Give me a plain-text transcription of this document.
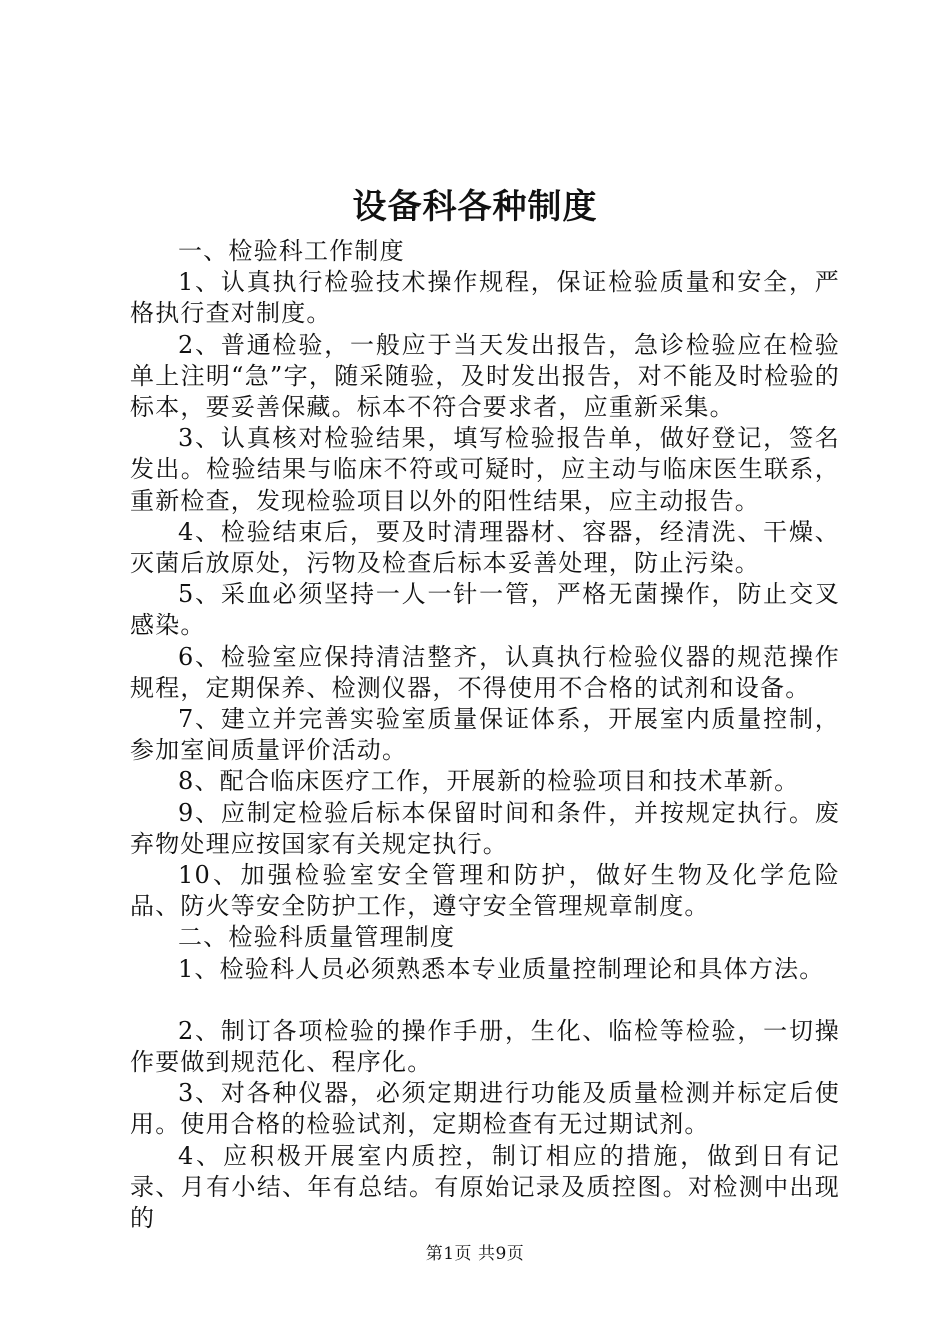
设备科各种制度

一、检验科工作制度

1、认真执行检验技术操作规程，保证检验质量和安全，严格执行查对制度。

2、普通检验，一般应于当天发出报告，急诊检验应在检验单上注明“急”字，随采随验，及时发出报告，对不能及时检验的标本，要妥善保藏。标本不符合要求者，应重新采集。

3、认真核对检验结果，填写检验报告单，做好登记，签名发出。检验结果与临床不符或可疑时，应主动与临床医生联系，重新检查，发现检验项目以外的阳性结果，应主动报告。

4、检验结束后，要及时清理器材、容器，经清洗、干燥、灭菌后放原处，污物及检查后标本妥善处理，防止污染。

5、采血必须坚持一人一针一管，严格无菌操作，防止交叉感染。

6、检验室应保持清洁整齐，认真执行检验仪器的规范操作规程，定期保养、检测仪器，不得使用不合格的试剂和设备。

7、建立并完善实验室质量保证体系，开展室内质量控制，参加室间质量评价活动。

8、配合临床医疗工作，开展新的检验项目和技术革新。

9、应制定检验后标本保留时间和条件，并按规定执行。废弃物处理应按国家有关规定执行。

10、加强检验室安全管理和防护，做好生物及化学危险品、防火等安全防护工作，遵守安全管理规章制度。

二、检验科质量管理制度

1、检验科人员必须熟悉本专业质量控制理论和具体方法。

2、制订各项检验的操作手册，生化、临检等检验，一切操作要做到规范化、程序化。

3、对各种仪器，必须定期进行功能及质量检测并标定后使用。使用合格的检验试剂，定期检查有无过期试剂。

4、应积极开展室内质控，制订相应的措施，做到日有记录、月有小结、年有总结。有原始记录及质控图。对检测中出现的

第1页 共9页
